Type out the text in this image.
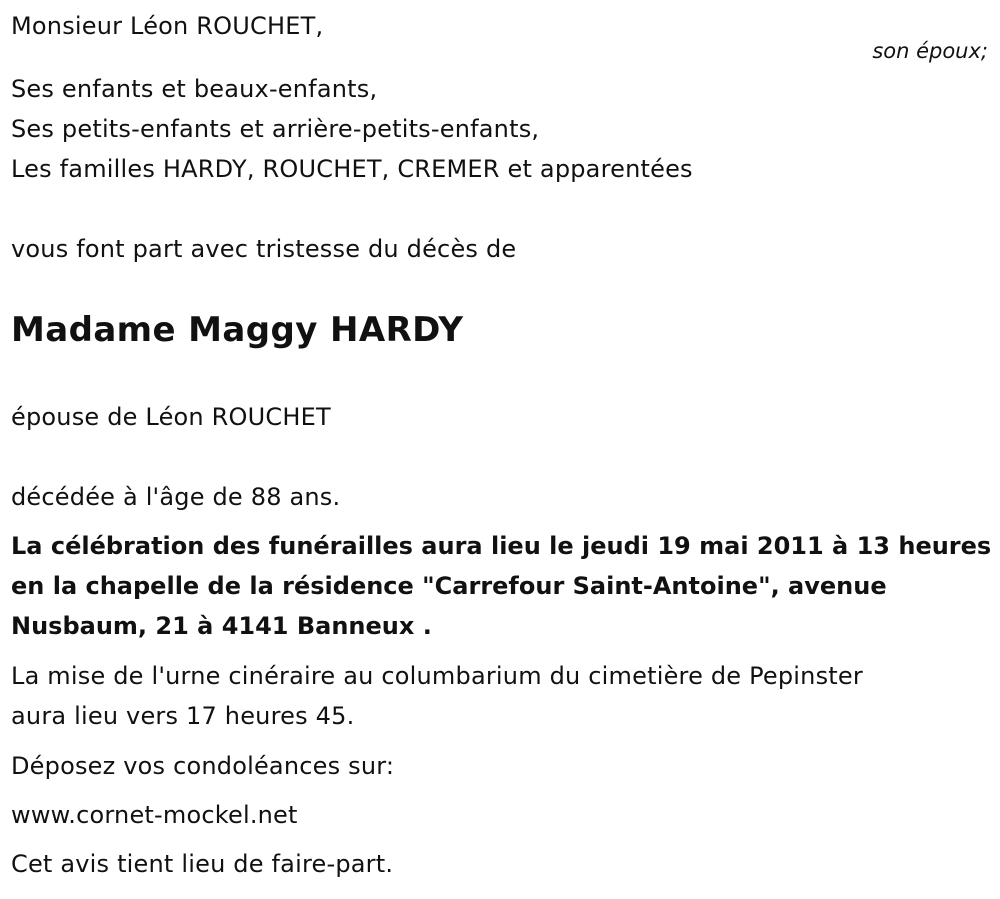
Monsieur Léon ROUCHET,
son époux;
Ses enfants et beaux-enfants,
Ses petits-enfants et arrière-petits-enfants,
Les familles HARDY, ROUCHET, CREMER et apparentées
vous font part avec tristesse du décès de
Madame Maggy HARDY
épouse de Léon ROUCHET
décédée à l'âge de 88 ans.
La célébration des funérailles aura lieu le jeudi 19 mai 2011 à 13 heures
en la chapelle de la résidence "Carrefour Saint-Antoine", avenue
Nusbaum, 21 à 4141 Banneux .
La mise de l'urne cinéraire au columbarium du cimetière de Pepinster
aura lieu vers 17 heures 45.
Déposez vos condoléances sur:
www.cornet-mockel.net
Cet avis tient lieu de faire-part.
